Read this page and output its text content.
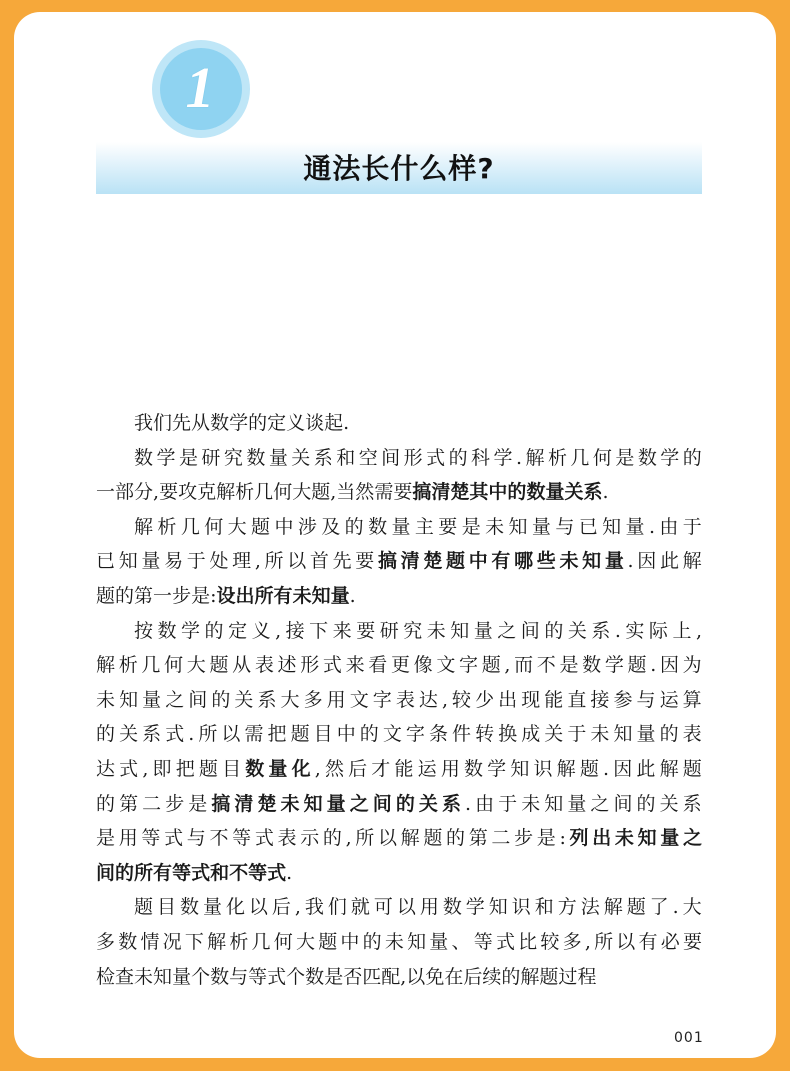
1
通法长什么样?
我 们 先 从 数 学 的 定 义 谈 起 .
数 学 是 研 究 数 量 关 系 和 空 间 形 式 的 科 学 . 解 析 几 何 是 数 学 的
一 部 分 , 要 攻 克 解 析 几 何 大 题 , 当 然 需 要 搞 清 楚 其 中 的 数 量 关 系 .
解 析 几 何 大 题 中 涉 及 的 数 量 主 要 是 未 知 量 与 已 知 量 . 由 于
已 知 量 易 于 处 理 , 所 以 首 先 要 搞 清 楚 题 中 有 哪 些 未 知 量 . 因 此 解
题 的 第 一 步 是 : 设 出 所 有 未 知 量 .
按 数 学 的 定 义 , 接 下 来 要 研 究 未 知 量 之 间 的 关 系 . 实 际 上 ,
解 析 几 何 大 题 从 表 述 形 式 来 看 更 像 文 字 题 , 而 不 是 数 学 题 . 因 为
未 知 量 之 间 的 关 系 大 多 用 文 字 表 达 , 较 少 出 现 能 直 接 参 与 运 算
的 关 系 式 . 所 以 需 把 题 目 中 的 文 字 条 件 转 换 成 关 于 未 知 量 的 表
达 式 , 即 把 题 目 数 量 化 , 然 后 才 能 运 用 数 学 知 识 解 题 . 因 此 解 题
的 第 二 步 是 搞 清 楚 未 知 量 之 间 的 关 系 . 由 于 未 知 量 之 间 的 关 系
是 用 等 式 与 不 等 式 表 示 的 , 所 以 解 题 的 第 二 步 是 : 列 出 未 知 量 之
间 的 所 有 等 式 和 不 等 式 .
题 目 数 量 化 以 后 , 我 们 就 可 以 用 数 学 知 识 和 方 法 解 题 了 . 大
多 数 情 况 下 解 析 几 何 大 题 中 的 未 知 量 、 等 式 比 较 多 , 所 以 有 必 要
检 查 未 知 量 个 数 与 等 式 个 数 是 否 匹 配 , 以 免 在 后 续 的 解 题 过 程
001
